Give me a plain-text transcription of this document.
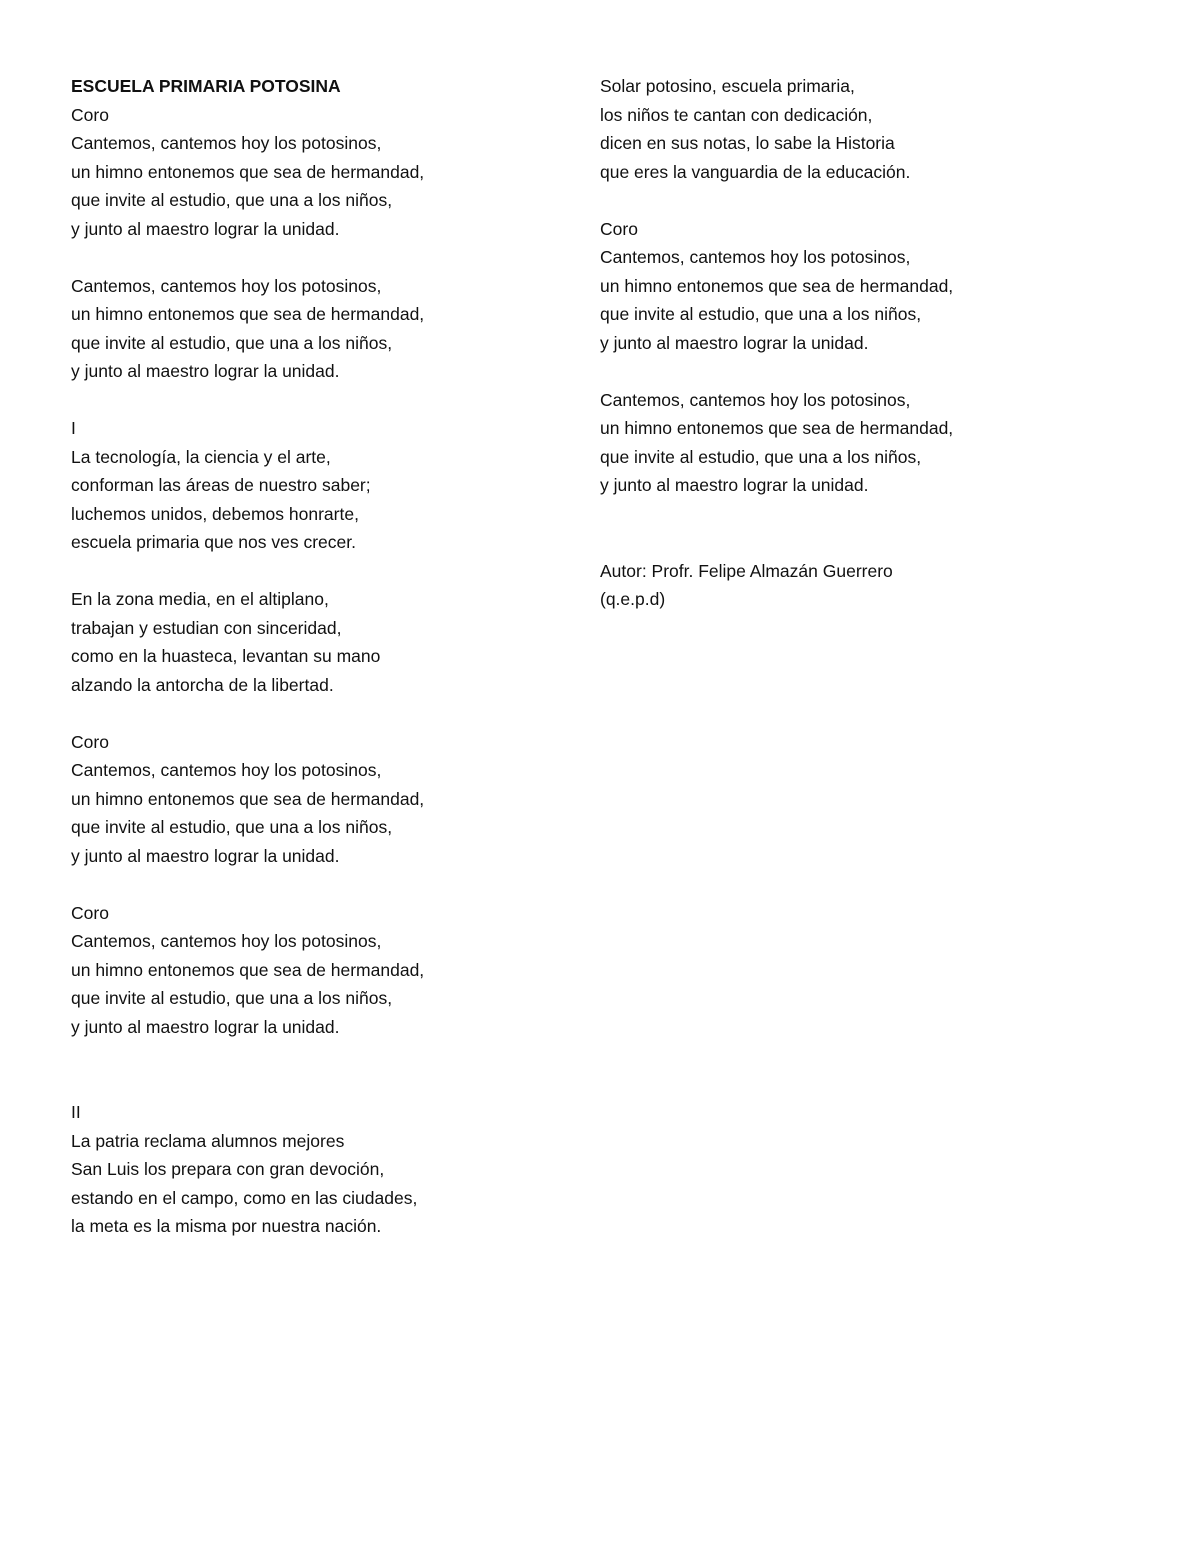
ESCUELA PRIMARIA POTOSINA
Coro
Cantemos, cantemos hoy los potosinos,
un himno entonemos que sea de hermandad,
que invite al estudio, que una a los niños,
y junto al maestro lograr la unidad.
Cantemos, cantemos hoy los potosinos,
un himno entonemos que sea de hermandad,
que invite al estudio, que una a los niños,
y junto al maestro lograr la unidad.
I
La tecnología, la ciencia y el arte,
conforman las áreas de nuestro saber;
luchemos unidos, debemos honrarte,
escuela primaria que nos ves crecer.
En la zona media, en el altiplano,
trabajan y estudian con sinceridad,
como en la huasteca, levantan su mano
alzando la antorcha de la libertad.
Coro
Cantemos, cantemos hoy los potosinos,
un himno entonemos que sea de hermandad,
que invite al estudio, que una a los niños,
y junto al maestro lograr la unidad.
Coro
Cantemos, cantemos hoy los potosinos,
un himno entonemos que sea de hermandad,
que invite al estudio, que una a los niños,
y junto al maestro lograr la unidad.
II
La patria reclama alumnos mejores
San Luis los prepara con gran devoción,
estando en el campo, como en las ciudades,
la meta es la misma por nuestra nación.
Solar potosino, escuela primaria,
los niños te cantan con dedicación,
dicen en sus notas, lo sabe la Historia
que eres la vanguardia de la educación.
Coro
Cantemos, cantemos hoy los potosinos,
un himno entonemos que sea de hermandad,
que invite al estudio, que una a los niños,
y junto al maestro lograr la unidad.
Cantemos, cantemos hoy los potosinos,
un himno entonemos que sea de hermandad,
que invite al estudio, que una a los niños,
y junto al maestro lograr la unidad.
Autor: Profr. Felipe Almazán Guerrero
(q.e.p.d)
